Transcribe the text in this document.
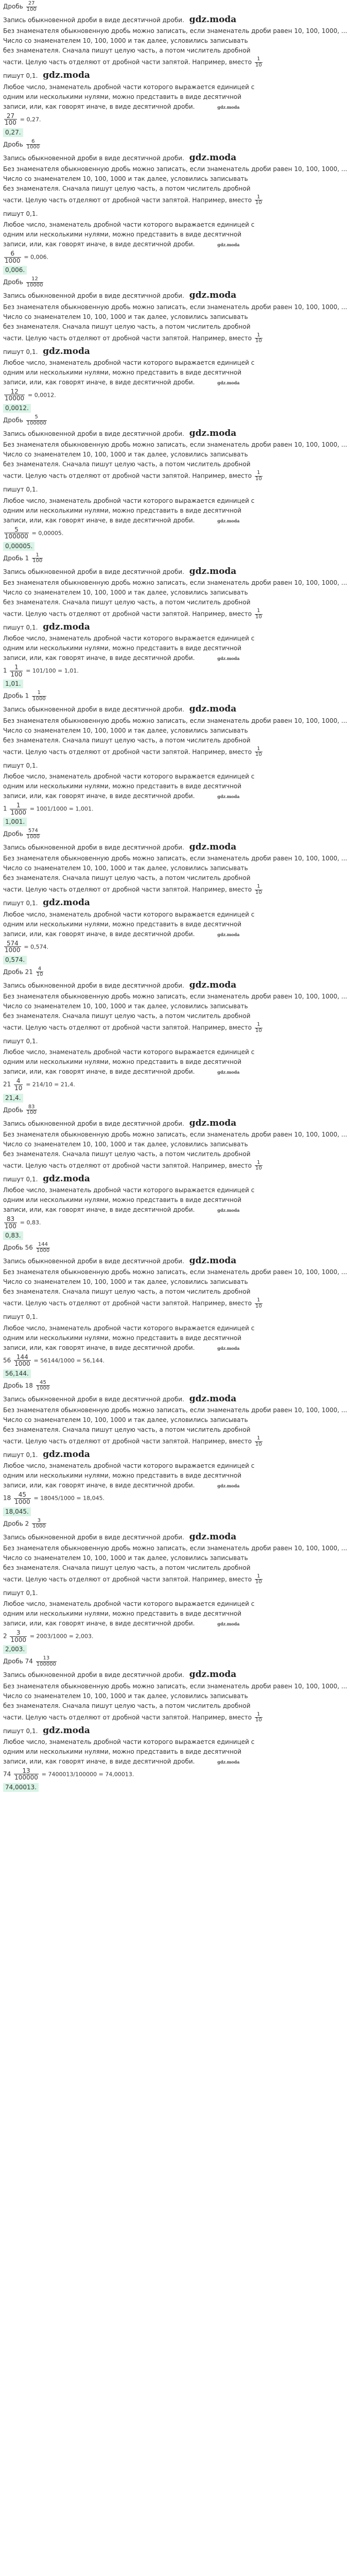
Дробь $\frac{27}{100}$
Запись обыкновенной дроби в виде десятичной дроби. gdz.moda
Без знаменателя обыкновенную дробь можно записать, если знаменатель дроби равен 10, 100, 1000, ...
Число со знаменателем 10, 100, 1000 и так далее, условились записывать
без знаменателя. Сначала пишут целую часть, а потом числитель дробной
части. Целую часть отделяют от дробной части запятой. Например, вместо $\frac{1}{10}$
пишут 0,1. gdz.moda
Любое число, знаменатель дробной части которого выражается единицей с
одним или несколькими нулями, можно представить в виде десятичной
записи, или, как говорят иначе, в виде десятичной дроби.	gdz.moda
$\frac{27}{100} = 0,27$.
0,27.
Дробь $\frac{6}{1000}$
Запись обыкновенной дроби в виде десятичной дроби. gdz.moda
Без знаменателя обыкновенную дробь можно записать, если знаменатель дроби равен 10, 100, 1000, ...
Число со знаменателем 10, 100, 1000 и так далее, условились записывать
без знаменателя. Сначала пишут целую часть, а потом числитель дробной
части. Целую часть отделяют от дробной части запятой. Например, вместо $\frac{1}{10}$
пишут 0,1.
Любое число, знаменатель дробной части которого выражается единицей с
одним или несколькими нулями, можно представить в виде десятичной
записи, или, как говорят иначе, в виде десятичной дроби.	gdz.moda
$\frac{6}{1000} = 0,006$.
0,006.
Дробь $\frac{12}{10000}$
Запись обыкновенной дроби в виде десятичной дроби. gdz.moda
Без знаменателя обыкновенную дробь можно записать, если знаменатель дроби равен 10, 100, 1000, ...
Число со знаменателем 10, 100, 1000 и так далее, условились записывать
без знаменателя. Сначала пишут целую часть, а потом числитель дробной
части. Целую часть отделяют от дробной части запятой. Например, вместо $\frac{1}{10}$
пишут 0,1. gdz.moda
Любое число, знаменатель дробной части которого выражается единицей с
одним или несколькими нулями, можно представить в виде десятичной
записи, или, как говорят иначе, в виде десятичной дроби.	gdz.moda
$\frac{12}{10000} = 0,0012$.
0,0012.
Дробь $\frac{5}{100000}$
Запись обыкновенной дроби в виде десятичной дроби. gdz.moda
Без знаменателя обыкновенную дробь можно записать, если знаменатель дроби равен 10, 100, 1000, ...
Число со знаменателем 10, 100, 1000 и так далее, условились записывать
без знаменателя. Сначала пишут целую часть, а потом числитель дробной
части. Целую часть отделяют от дробной части запятой. Например, вместо $\frac{1}{10}$
пишут 0,1.
Любое число, знаменатель дробной части которого выражается единицей с
одним или несколькими нулями, можно представить в виде десятичной
записи, или, как говорят иначе, в виде десятичной дроби.	gdz.moda
$\frac{5}{100000} = 0,00005$.
0,00005.
Дробь $1 \frac{1}{100}$
Запись обыкновенной дроби в виде десятичной дроби. gdz.moda
Без знаменателя обыкновенную дробь можно записать, если знаменатель дроби равен 10, 100, 1000, ...
Число со знаменателем 10, 100, 1000 и так далее, условились записывать
без знаменателя. Сначала пишут целую часть, а потом числитель дробной
части. Целую часть отделяют от дробной части запятой. Например, вместо $\frac{1}{10}$
пишут 0,1. gdz.moda
Любое число, знаменатель дробной части которого выражается единицей с
одним или несколькими нулями, можно представить в виде десятичной
записи, или, как говорят иначе, в виде десятичной дроби.	gdz.moda
$1 \frac{1}{100} = 101/100 = 1,01$.
1,01.
Дробь $1 \frac{1}{1000}$
Запись обыкновенной дроби в виде десятичной дроби. gdz.moda
Без знаменателя обыкновенную дробь можно записать, если знаменатель дроби равен 10, 100, 1000, ...
Число со знаменателем 10, 100, 1000 и так далее, условились записывать
без знаменателя. Сначала пишут целую часть, а потом числитель дробной
части. Целую часть отделяют от дробной части запятой. Например, вместо $\frac{1}{10}$
пишут 0,1.
Любое число, знаменатель дробной части которого выражается единицей с
одним или несколькими нулями, можно представить в виде десятичной
записи, или, как говорят иначе, в виде десятичной дроби.	gdz.moda
$1 \frac{1}{1000} = 1001/1000 = 1,001$.
1,001.
Дробь $\frac{574}{1000}$
Запись обыкновенной дроби в виде десятичной дроби. gdz.moda
Без знаменателя обыкновенную дробь можно записать, если знаменатель дроби равен 10, 100, 1000, ...
Число со знаменателем 10, 100, 1000 и так далее, условились записывать
без знаменателя. Сначала пишут целую часть, а потом числитель дробной
части. Целую часть отделяют от дробной части запятой. Например, вместо $\frac{1}{10}$
пишут 0,1. gdz.moda
Любое число, знаменатель дробной части которого выражается единицей с
одним или несколькими нулями, можно представить в виде десятичной
записи, или, как говорят иначе, в виде десятичной дроби.	gdz.moda
$\frac{574}{1000} = 0,574$.
0,574.
Дробь $21 \frac{4}{10}$
Запись обыкновенной дроби в виде десятичной дроби. gdz.moda
Без знаменателя обыкновенную дробь можно записать, если знаменатель дроби равен 10, 100, 1000, ...
Число со знаменателем 10, 100, 1000 и так далее, условились записывать
без знаменателя. Сначала пишут целую часть, а потом числитель дробной
части. Целую часть отделяют от дробной части запятой. Например, вместо $\frac{1}{10}$
пишут 0,1.
Любое число, знаменатель дробной части которого выражается единицей с
одним или несколькими нулями, можно представить в виде десятичной
записи, или, как говорят иначе, в виде десятичной дроби.	gdz.moda
$21 \frac{4}{10} = 214/10 = 21,4$.
21,4.
Дробь $\frac{83}{100}$
Запись обыкновенной дроби в виде десятичной дроби. gdz.moda
Без знаменателя обыкновенную дробь можно записать, если знаменатель дроби равен 10, 100, 1000, ...
Число со знаменателем 10, 100, 1000 и так далее, условились записывать
без знаменателя. Сначала пишут целую часть, а потом числитель дробной
части. Целую часть отделяют от дробной части запятой. Например, вместо $\frac{1}{10}$
пишут 0,1. gdz.moda
Любое число, знаменатель дробной части которого выражается единицей с
одним или несколькими нулями, можно представить в виде десятичной
записи, или, как говорят иначе, в виде десятичной дроби.	gdz.moda
$\frac{83}{100} = 0,83$.
0,83.
Дробь $56 \frac{144}{1000}$
Запись обыкновенной дроби в виде десятичной дроби. gdz.moda
Без знаменателя обыкновенную дробь можно записать, если знаменатель дроби равен 10, 100, 1000, ...
Число со знаменателем 10, 100, 1000 и так далее, условились записывать
без знаменателя. Сначала пишут целую часть, а потом числитель дробной
части. Целую часть отделяют от дробной части запятой. Например, вместо $\frac{1}{10}$
пишут 0,1.
Любое число, знаменатель дробной части которого выражается единицей с
одним или несколькими нулями, можно представить в виде десятичной
записи, или, как говорят иначе, в виде десятичной дроби.	gdz.moda
$56 \frac{144}{1000} = 56144/1000 = 56,144$.
56,144.
Дробь $18 \frac{45}{1000}$
Запись обыкновенной дроби в виде десятичной дроби. gdz.moda
Без знаменателя обыкновенную дробь можно записать, если знаменатель дроби равен 10, 100, 1000, ...
Число со знаменателем 10, 100, 1000 и так далее, условились записывать
без знаменателя. Сначала пишут целую часть, а потом числитель дробной
части. Целую часть отделяют от дробной части запятой. Например, вместо $\frac{1}{10}$
пишут 0,1. gdz.moda
Любое число, знаменатель дробной части которого выражается единицей с
одним или несколькими нулями, можно представить в виде десятичной
записи, или, как говорят иначе, в виде десятичной дроби.	gdz.moda
$18 \frac{45}{1000} = 18045/1000 = 18,045$.
18,045.
Дробь $2 \frac{3}{1000}$
Запись обыкновенной дроби в виде десятичной дроби. gdz.moda
Без знаменателя обыкновенную дробь можно записать, если знаменатель дроби равен 10, 100, 1000, ...
Число со знаменателем 10, 100, 1000 и так далее, условились записывать
без знаменателя. Сначала пишут целую часть, а потом числитель дробной
части. Целую часть отделяют от дробной части запятой. Например, вместо $\frac{1}{10}$
пишут 0,1.
Любое число, знаменатель дробной части которого выражается единицей с
одним или несколькими нулями, можно представить в виде десятичной
записи, или, как говорят иначе, в виде десятичной дроби.	gdz.moda
$2 \frac{3}{1000} = 2003/1000 = 2,003$.
2,003.
Дробь $74 \frac{13}{100000}$
Запись обыкновенной дроби в виде десятичной дроби. gdz.moda
Без знаменателя обыкновенную дробь можно записать, если знаменатель дроби равен 10, 100, 1000, ...
Число со знаменателем 10, 100, 1000 и так далее, условились записывать
без знаменателя. Сначала пишут целую часть, а потом числитель дробной
части. Целую часть отделяют от дробной части запятой. Например, вместо $\frac{1}{10}$
пишут 0,1. gdz.moda
Любое число, знаменатель дробной части которого выражается единицей с
одним или несколькими нулями, можно представить в виде десятичной
записи, или, как говорят иначе, в виде десятичной дроби.	gdz.moda
$74 \frac{13}{100000} = 7400013/100000 = 74,00013$.
74,00013.
